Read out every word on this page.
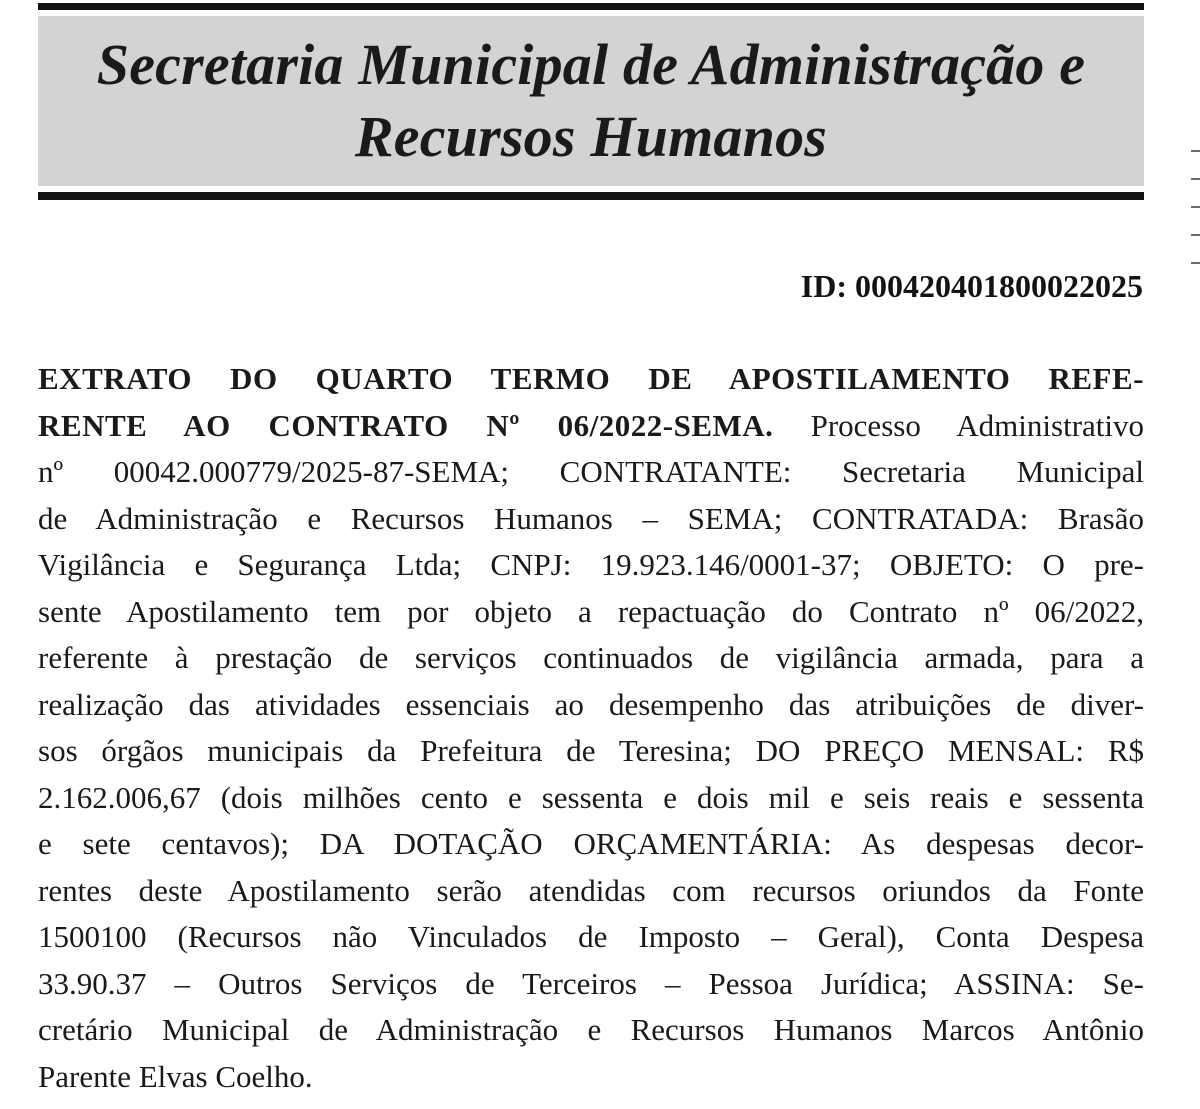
Secretaria Municipal de Administração e
Recursos Humanos
ID: 000420401800022025
EXTRATO DO QUARTO TERMO DE APOSTILAMENTO REFE-
RENTE AO CONTRATO Nº 06/2022-SEMA. Processo Administrativo
nº 00042.000779/2025-87-SEMA; CONTRATANTE: Secretaria Municipal
de Administração e Recursos Humanos – SEMA; CONTRATADA: Brasão
Vigilância e Segurança Ltda; CNPJ: 19.923.146/0001-37; OBJETO: O pre-
sente Apostilamento tem por objeto a repactuação do Contrato nº 06/2022,
referente à prestação de serviços continuados de vigilância armada, para a
realização das atividades essenciais ao desempenho das atribuições de diver-
sos órgãos municipais da Prefeitura de Teresina; DO PREÇO MENSAL: R$
2.162.006,67 (dois milhões cento e sessenta e dois mil e seis reais e sessenta
e sete centavos); DA DOTAÇÃO ORÇAMENTÁRIA: As despesas decor-
rentes deste Apostilamento serão atendidas com recursos oriundos da Fonte
1500100 (Recursos não Vinculados de Imposto – Geral), Conta Despesa
33.90.37 – Outros Serviços de Terceiros – Pessoa Jurídica; ASSINA: Se-
cretário Municipal de Administração e Recursos Humanos Marcos Antônio
Parente Elvas Coelho.
